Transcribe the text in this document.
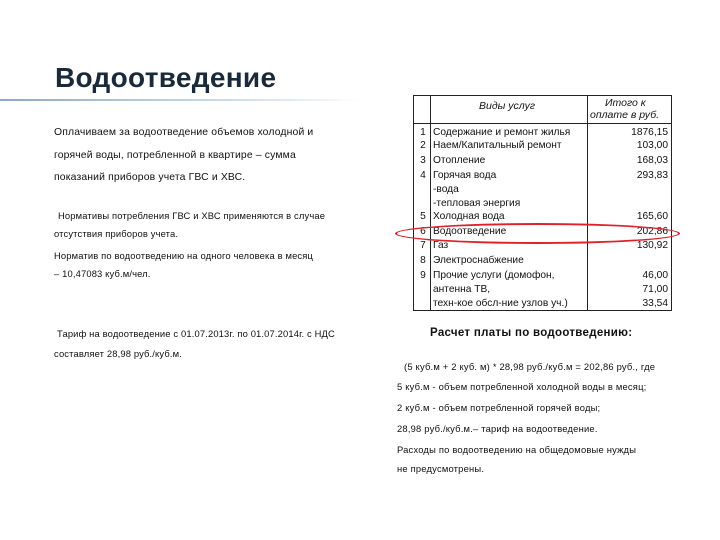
Водоотведение
Оплачиваем за водоотведение объемов холодной и
горячей воды, потребленной в квартире – сумма
показаний приборов учета ГВС и ХВС.
Нормативы потребления ГВС и ХВС применяются в случае
отсутствия приборов учета.
Норматив по водоотведению на одного человека в месяц
– 10,47083 куб.м/чел.
Тариф на водоотведение с 01.07.2013г. по 01.07.2014г. с НДС
составляет 28,98 руб./куб.м.
Виды услуг	Итого к
оплате в руб.
1 Содержание и ремонт жилья	1876,15
2 Наем/Капитальный ремонт	103,00
3 Отопление	168,03
4 Горячая вода	293,83
-вода
-тепловая энергия
5 Холодная вода	165,60
6 Водоотведение	202,86
7 Газ	130,92
8 Электроснабжение
9 Прочие услуги (домофон,	46,00
антенна ТВ,	71,00
техн-кое обсл-ние узлов уч.)	33,54
Расчет платы по водоотведению:
(5 куб.м + 2 куб. м) * 28,98 руб./куб.м = 202,86 руб., где
5 куб.м - объем потребленной холодной воды в месяц;
2 куб.м - объем потребленной горячей воды;
28,98 руб./куб.м.– тариф на водоотведение.
Расходы по водоотведению на общедомовые нужды
не предусмотрены.
